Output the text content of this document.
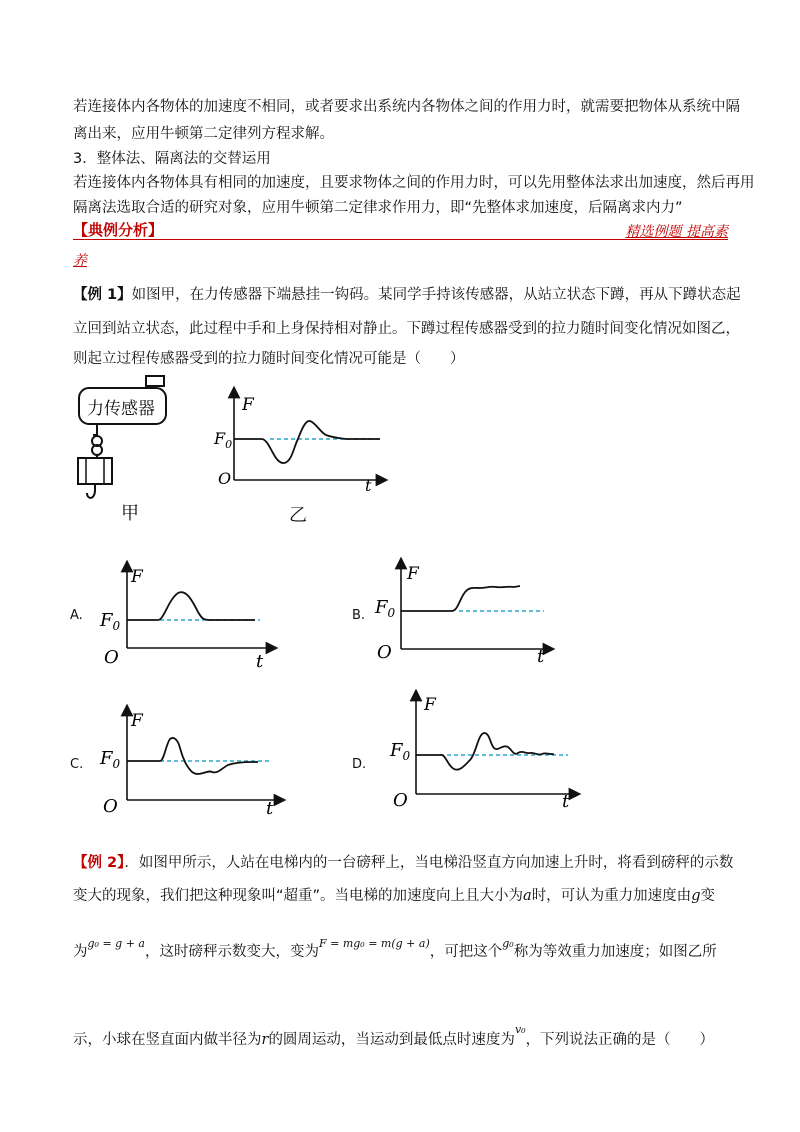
若连接体内各物体的加速度不相同，或者要求出系统内各物体之间的作用力时，就需要把物体从系统中隔
离出来，应用牛顿第二定律列方程求解。
3．整体法、隔离法的交替运用
若连接体内各物体具有相同的加速度，且要求物体之间的作用力时，可以先用整体法求出加速度，然后再用
隔离法选取合适的研究对象，应用牛顿第二定律求作用力，即“先整体求加速度，后隔离求内力”
【典例分析】	精选例题 提高素
养
【例 1】如图甲，在力传感器下端悬挂一钩码。某同学手持该传感器，从站立状态下蹲，再从下蹲状态起
立回到站立状态，此过程中手和上身保持相对静止。下蹲过程传感器受到的拉力随时间变化情况如图乙，
则起立过程传感器受到的拉力随时间变化情况可能是（　　）
力传感器
甲
F
$F_0$
O	t
乙
A.
F
$F_0$
O	t
B.
F
$F_0$
O	t
C.
F
$F_0$
O	t
D.
F
$F_0$
O	t
【例 2】．如图甲所示，人站在电梯内的一台磅秤上，当电梯沿竖直方向加速上升时，将看到磅秤的示数
变大的现象，我们把这种现象叫“超重”。当电梯的加速度向上且大小为a时，可认为重力加速度由g变
为$^{g_0 = g + a}$，这时磅秤示数变大，变为$^{F = mg_0 = m(g + a)}$，可把这个$^{g_0}$称为等效重力加速度；如图乙所
示，小球在竖直面内做半径为r的圆周运动，当运动到最低点时速度为$^{v_0}$，下列说法正确的是（　　）
